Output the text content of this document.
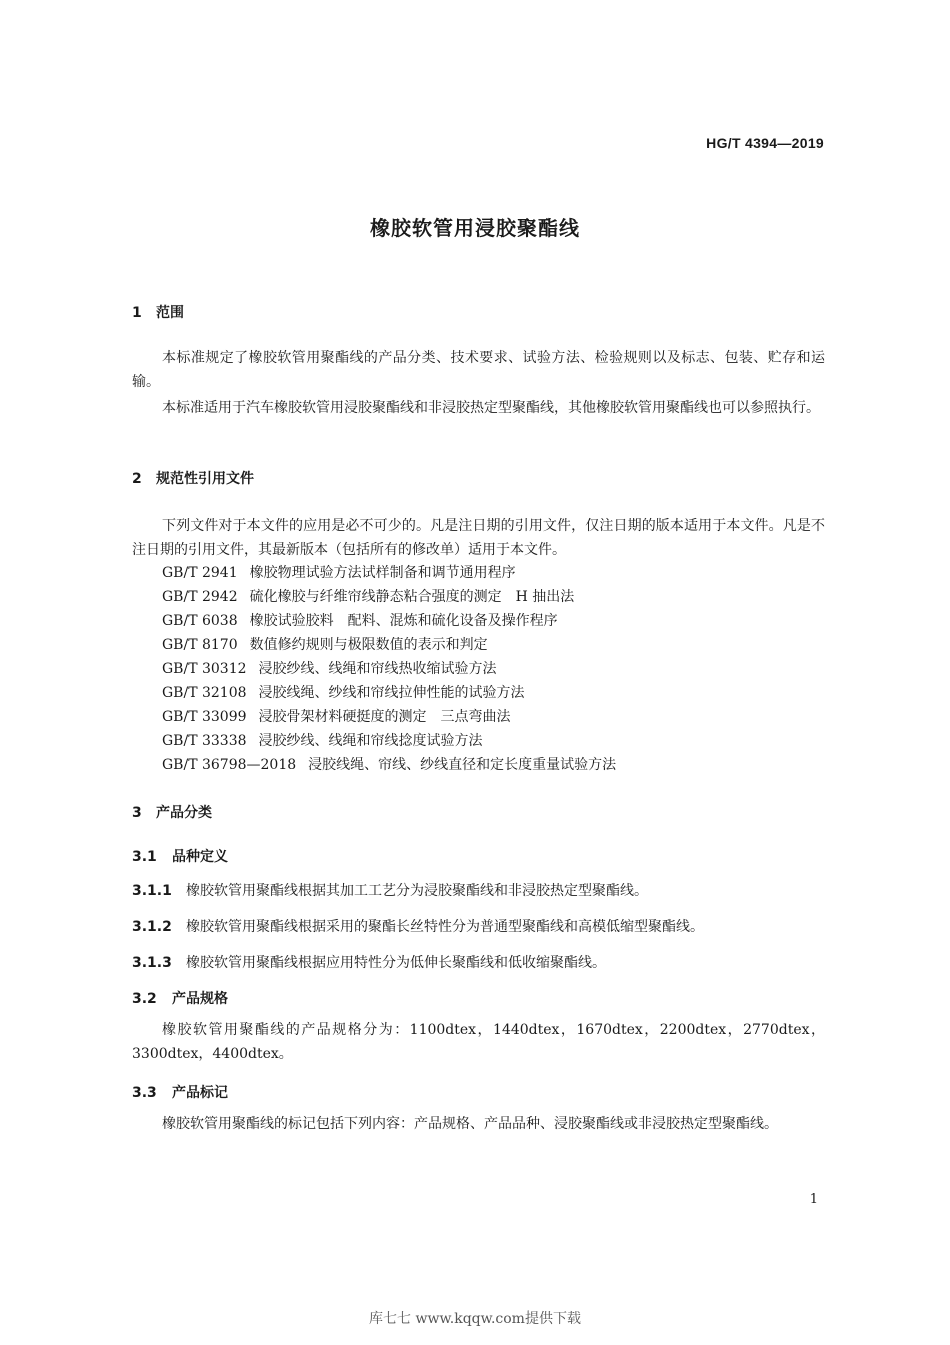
HG/T 4394—2019
橡胶软管用浸胶聚酯线
1 范围
本标准规定了橡胶软管用聚酯线的产品分类、技术要求、试验方法、检验规则以及标志、包装、贮存和运输。
本标准适用于汽车橡胶软管用浸胶聚酯线和非浸胶热定型聚酯线，其他橡胶软管用聚酯线也可以参照执行。
2 规范性引用文件
下列文件对于本文件的应用是必不可少的。凡是注日期的引用文件，仅注日期的版本适用于本文件。凡是不注日期的引用文件，其最新版本（包括所有的修改单）适用于本文件。
GB/T 2941 橡胶物理试验方法试样制备和调节通用程序
GB/T 2942 硫化橡胶与纤维帘线静态粘合强度的测定　H 抽出法
GB/T 6038 橡胶试验胶料　配料、混炼和硫化设备及操作程序
GB/T 8170 数值修约规则与极限数值的表示和判定
GB/T 30312 浸胶纱线、线绳和帘线热收缩试验方法
GB/T 32108 浸胶线绳、纱线和帘线拉伸性能的试验方法
GB/T 33099 浸胶骨架材料硬挺度的测定　三点弯曲法
GB/T 33338 浸胶纱线、线绳和帘线捻度试验方法
GB/T 36798—2018 浸胶线绳、帘线、纱线直径和定长度重量试验方法
3 产品分类
3.1 品种定义
3.1.1 橡胶软管用聚酯线根据其加工工艺分为浸胶聚酯线和非浸胶热定型聚酯线。
3.1.2 橡胶软管用聚酯线根据采用的聚酯长丝特性分为普通型聚酯线和高模低缩型聚酯线。
3.1.3 橡胶软管用聚酯线根据应用特性分为低伸长聚酯线和低收缩聚酯线。
3.2 产品规格
橡胶软管用聚酯线的产品规格分为：1100dtex，1440dtex，1670dtex，2200dtex，2770dtex，3300dtex，4400dtex。
3.3 产品标记
橡胶软管用聚酯线的标记包括下列内容：产品规格、产品品种、浸胶聚酯线或非浸胶热定型聚酯线。
1
库七七 www.kqqw.com提供下载
